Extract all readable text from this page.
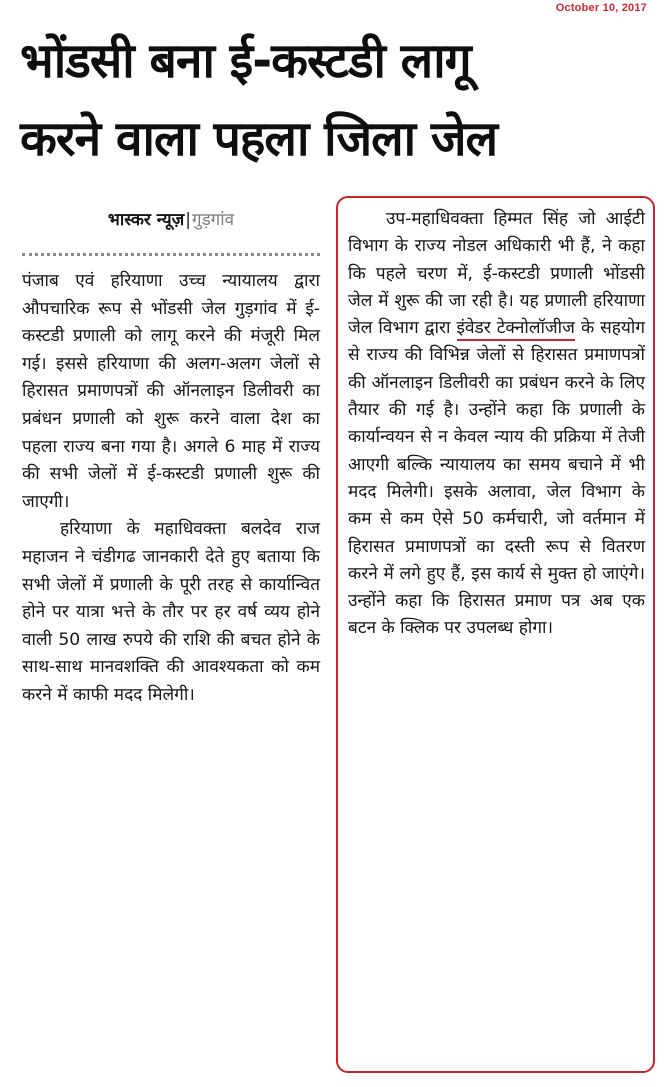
October 10, 2017
भोंडसी बना ई-कस्टडी लागू
करने वाला पहला जिला जेल
भास्कर न्यूज़|गुड़गांव

पंजाब एवं हरियाणा उच्च न्यायालय द्वारा औपचारिक रूप से भोंडसी जेल गुड़गांव में ई-कस्टडी प्रणाली को लागू करने की मंजूरी मिल गई। इससे हरियाणा की अलग-अलग जेलों से हिरासत प्रमाणपत्रों की ऑनलाइन डिलीवरी का प्रबंधन प्रणाली को शुरू करने वाला देश का पहला राज्य बना गया है। अगले 6 माह में राज्य की सभी जेलों में ई-कस्टडी प्रणाली शुरू की जाएगी।

हरियाणा के महाधिवक्ता बलदेव राज महाजन ने चंडीगढ जानकारी देते हुए बताया कि सभी जेलों में प्रणाली के पूरी तरह से कार्यान्वित होने पर यात्रा भत्ते के तौर पर हर वर्ष व्यय होने वाली 50 लाख रुपये की राशि की बचत होने के साथ-साथ मानवशक्ति की आवश्यकता को कम करने में काफी मदद मिलेगी।

उप-महाधिवक्ता हिम्मत सिंह जो आईटी विभाग के राज्य नोडल अधिकारी भी हैं, ने कहा कि पहले चरण में, ई-कस्टडी प्रणाली भोंडसी जेल में शुरू की जा रही है। यह प्रणाली हरियाणा जेल विभाग द्वारा इंवेडर टेक्नोलॉजीज के सहयोग से राज्य की विभिन्न जेलों से हिरासत प्रमाणपत्रों की ऑनलाइन डिलीवरी का प्रबंधन करने के लिए तैयार की गई है। उन्होंने कहा कि प्रणाली के कार्यान्वयन से न केवल न्याय की प्रक्रिया में तेजी आएगी बल्कि न्यायालय का समय बचाने में भी मदद मिलेगी। इसके अलावा, जेल विभाग के कम से कम ऐसे 50 कर्मचारी, जो वर्तमान में हिरासत प्रमाणपत्रों का दस्ती रूप से वितरण करने में लगे हुए हैं, इस कार्य से मुक्त हो जाएंगे। उन्होंने कहा कि हिरासत प्रमाण पत्र अब एक बटन के क्लिक पर उपलब्ध होगा।
